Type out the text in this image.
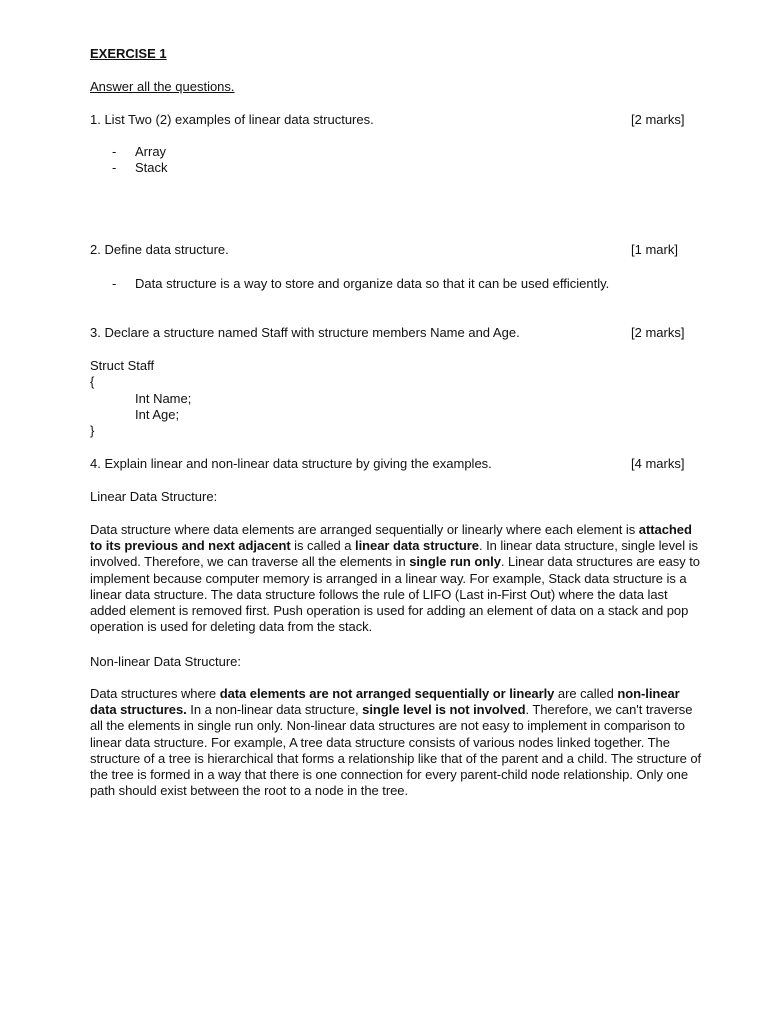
EXERCISE 1
Answer all the questions.
1. List Two (2) examples of linear data structures.	[2 marks]
- Array
- Stack
2. Define data structure.	[1 mark]
- Data structure is a way to store and organize data so that it can be used efficiently.
3. Declare a structure named Staff with structure members Name and Age.	[2 marks]
Struct Staff
{
Int Name;
Int Age;
}
4. Explain linear and non-linear data structure by giving the examples.	[4 marks]
Linear Data Structure:
Data structure where data elements are arranged sequentially or linearly where each element is attached to its previous and next adjacent is called a linear data structure. In linear data structure, single level is involved. Therefore, we can traverse all the elements in single run only. Linear data structures are easy to implement because computer memory is arranged in a linear way. For example, Stack data structure is a linear data structure. The data structure follows the rule of LIFO (Last in-First Out) where the data last added element is removed first. Push operation is used for adding an element of data on a stack and pop operation is used for deleting data from the stack.
Non-linear Data Structure:
Data structures where data elements are not arranged sequentially or linearly are called non-linear data structures. In a non-linear data structure, single level is not involved. Therefore, we can't traverse all the elements in single run only. Non-linear data structures are not easy to implement in comparison to linear data structure. For example, A tree data structure consists of various nodes linked together. The structure of a tree is hierarchical that forms a relationship like that of the parent and a child. The structure of the tree is formed in a way that there is one connection for every parent-child node relationship. Only one path should exist between the root to a node in the tree.
